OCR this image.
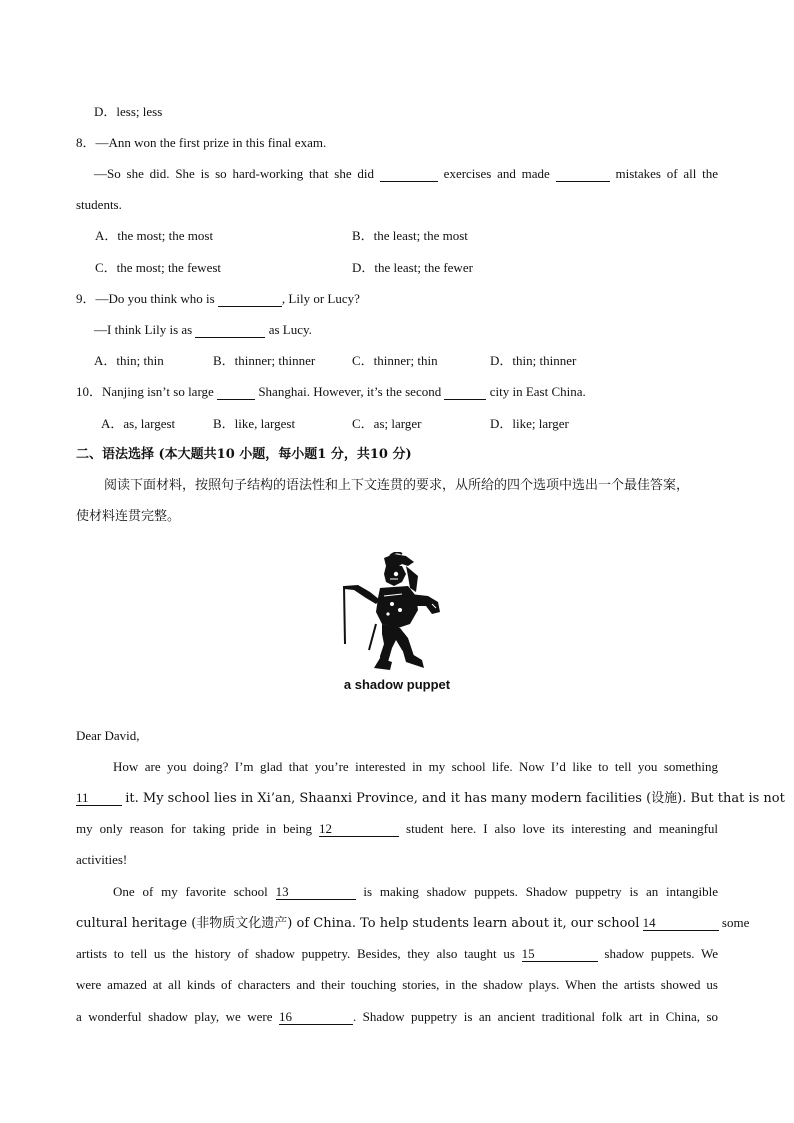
D．less; less
8．—Ann won the first prize in this final exam.
—So she did. She is so hard-working that she did	exercises and made	mistakes of all the
students.
A．the most; the most	B．the least; the most
C．the most; the fewest	D．the least; the fewer
9．—Do you think who is	, Lily or Lucy?
—I think Lily is as	as Lucy.
A．thin; thin	B．thinner; thinner	C．thinner; thin	D．thin; thinner
10．Nanjing isn’t so large	Shanghai. However, it’s the second	city in East China.
A．as, largest	B．like, largest	C．as; larger	D．like; larger
二、语法选择 (本大题共10 小题，每小题1 分，共10 分)
阅读下面材料，按照句子结构的语法性和上下文连贯的要求，从所给的四个选项中选出一个最佳答案，
使材料连贯完整。
a shadow puppet
Dear David,
How are you doing? I’m glad that you’re interested in my school life. Now I’d like to tell you something
11	it. My school lies in Xi’an, Shaanxi Province, and it has many modern facilities (设施). But that is not
my only reason for taking pride in being 12	student here. I also love its interesting and meaningful
activities!
One of my favorite school 13	is making shadow puppets. Shadow puppetry is an intangible
cultural heritage (非物质文化遗产) of China. To help students learn about it, our school 14	some
artists to tell us the history of shadow puppetry. Besides, they also taught us 15	shadow puppets. We
were amazed at all kinds of characters and their touching stories, in the shadow plays. When the artists showed us
a wonderful shadow play, we were 16	. Shadow puppetry is an ancient traditional folk art in China, so
